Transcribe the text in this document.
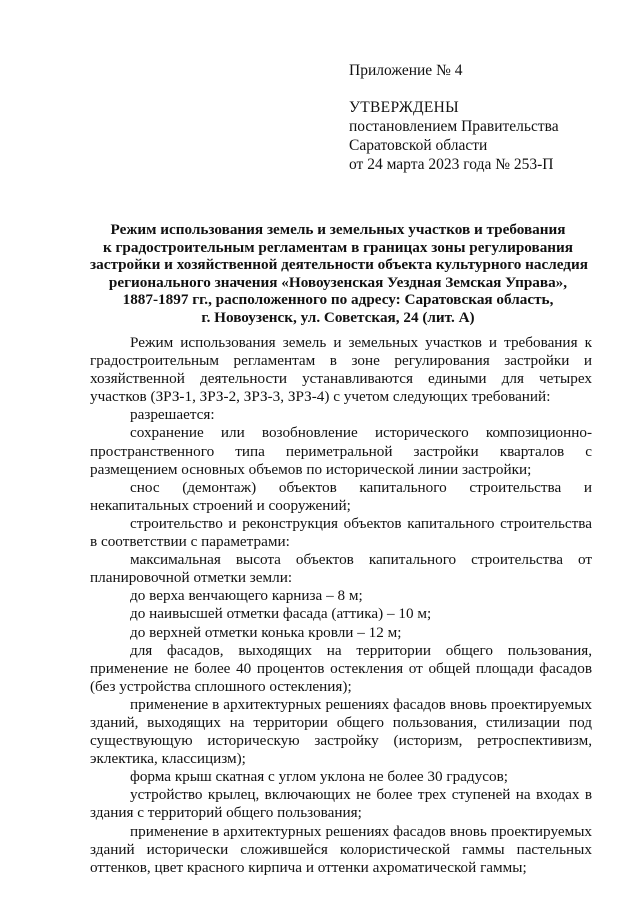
Приложение № 4
УТВЕРЖДЕНЫ
постановлением Правительства
Саратовской области
от 24 марта 2023 года № 253-П
Режим использования земель и земельных участков и требования
к градостроительным регламентам в границах зоны регулирования
застройки и хозяйственной деятельности объекта культурного наследия
регионального значения «Новоузенская Уездная Земская Управа»,
1887-1897 гг., расположенного по адресу: Саратовская область,
г. Новоузенск, ул. Советская, 24 (лит. А)

Режим использования земель и земельных участков и требования к градостроительным регламентам в зоне регулирования застройки и хозяйственной деятельности устанавливаются едиными для четырех участков (ЗРЗ-1, ЗРЗ-2, ЗРЗ-3, ЗРЗ-4) с учетом следующих требований:

разрешается:

сохранение или возобновление исторического композиционно-пространственного типа периметральной застройки кварталов с размещением основных объемов по исторической линии застройки;

снос (демонтаж) объектов капитального строительства и некапитальных строений и сооружений;

строительство и реконструкция объектов капитального строительства в соответствии с параметрами:

максимальная высота объектов капитального строительства от планировочной отметки земли:

до верха венчающего карниза – 8 м;

до наивысшей отметки фасада (аттика) – 10 м;

до верхней отметки конька кровли – 12 м;

для фасадов, выходящих на территории общего пользования, применение не более 40 процентов остекления от общей площади фасадов (без устройства сплошного остекления);

применение в архитектурных решениях фасадов вновь проектируемых зданий, выходящих на территории общего пользования, стилизации под существующую историческую застройку (историзм, ретроспективизм, эклектика, классицизм);

форма крыш скатная с углом уклона не более 30 градусов;

устройство крылец, включающих не более трех ступеней на входах в здания с территорий общего пользования;

применение в архитектурных решениях фасадов вновь проектируемых зданий исторически сложившейся колористической гаммы пастельных оттенков, цвет красного кирпича и оттенки ахроматической гаммы;
